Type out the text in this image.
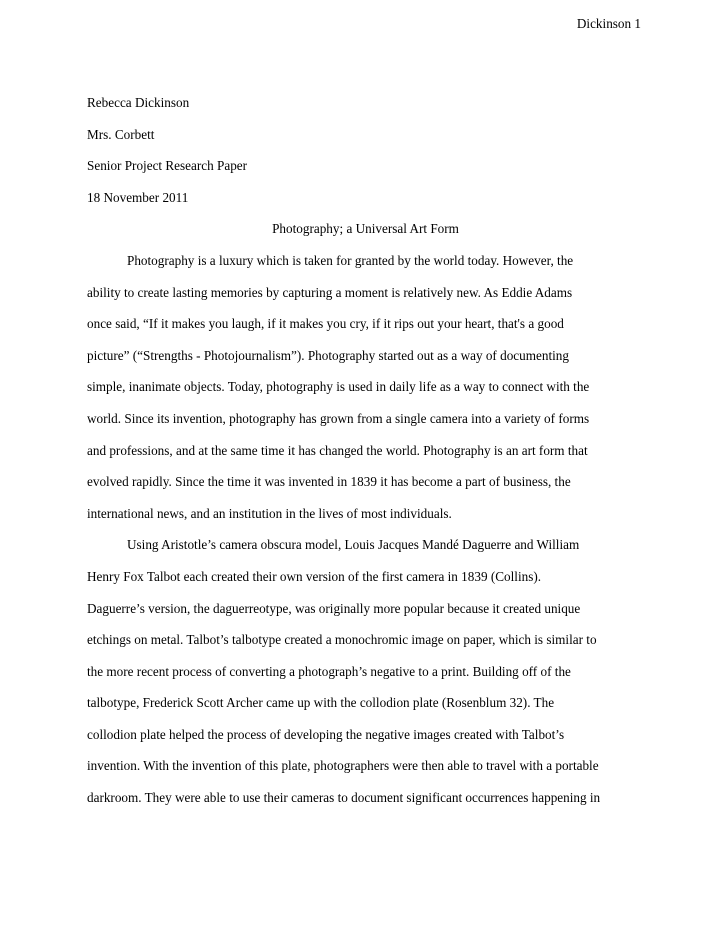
Dickinson 1

Rebecca Dickinson

Mrs. Corbett

Senior Project Research Paper

18 November 2011

Photography; a Universal Art Form

Photography is a luxury which is taken for granted by the world today. However, the

ability to create lasting memories by capturing a moment is relatively new. As Eddie Adams

once said, “If it makes you laugh, if it makes you cry, if it rips out your heart, that's a good

picture” (“Strengths - Photojournalism”). Photography started out as a way of documenting

simple, inanimate objects. Today, photography is used in daily life as a way to connect with the

world. Since its invention, photography has grown from a single camera into a variety of forms

and professions, and at the same time it has changed the world. Photography is an art form that

evolved rapidly. Since the time it was invented in 1839 it has become a part of business, the

international news, and an institution in the lives of most individuals.

Using Aristotle’s camera obscura model, Louis Jacques Mandé Daguerre and William

Henry Fox Talbot each created their own version of the first camera in 1839 (Collins).

Daguerre’s version, the daguerreotype, was originally more popular because it created unique

etchings on metal. Talbot’s talbotype created a monochromic image on paper, which is similar to

the more recent process of converting a photograph’s negative to a print. Building off of the

talbotype, Frederick Scott Archer came up with the collodion plate (Rosenblum 32). The

collodion plate helped the process of developing the negative images created with Talbot’s

invention. With the invention of this plate, photographers were then able to travel with a portable

darkroom. They were able to use their cameras to document significant occurrences happening in
